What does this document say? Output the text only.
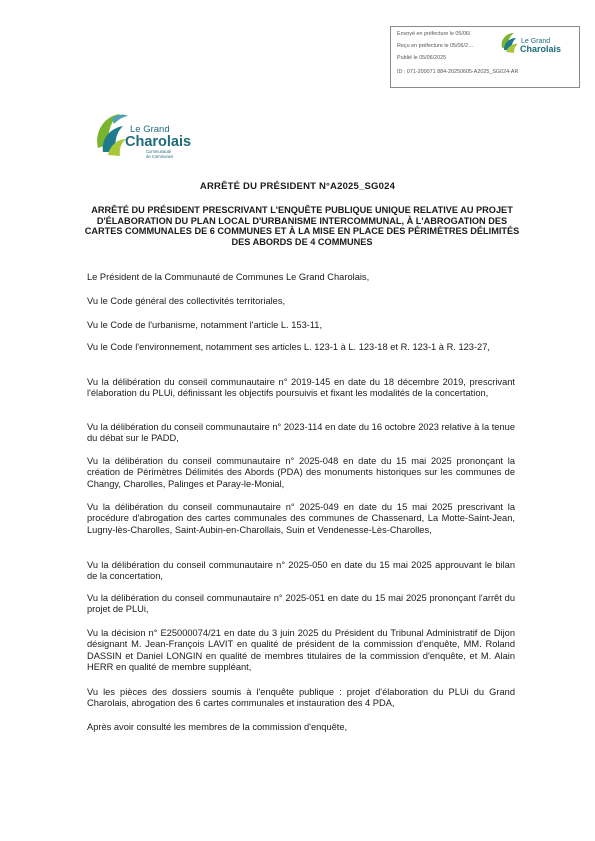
Envoyé en préfecture le 05/06/
Reçu en préfecture le 05/06/2…
Publié le 05/06/2025
ID : 071-200071 884-20250605-A2025_SG024-AR
Le Grand
Charolais
Le Grand
Charolais
Communauté
de Communes
ARRÊTÉ DU PRÉSIDENT N°A2025_SG024
ARRÊTÉ DU PRÉSIDENT PRESCRIVANT L'ENQUÊTE PUBLIQUE UNIQUE RELATIVE AU PROJET D'ÉLABORATION DU PLAN LOCAL D'URBANISME INTERCOMMUNAL, À L'ABROGATION DES CARTES COMMUNALES DE 6 COMMUNES ET À LA MISE EN PLACE DES PÉRIMÈTRES DÉLIMITÉS DES ABORDS DE 4 COMMUNES
Le Président de la Communauté de Communes Le Grand Charolais,
Vu le Code général des collectivités territoriales,
Vu le Code de l'urbanisme, notamment l'article L. 153-11,
Vu le Code l'environnement, notamment ses articles L. 123-1 à L. 123-18 et R. 123-1 à R. 123-27,
Vu la délibération du conseil communautaire n° 2019-145 en date du 18 décembre 2019, prescrivant l'élaboration du PLUi, définissant les objectifs poursuivis et fixant les modalités de la concertation,
Vu la délibération du conseil communautaire n° 2023-114 en date du 16 octobre 2023 relative à la tenue du débat sur le PADD,
Vu la délibération du conseil communautaire n° 2025-048 en date du 15 mai 2025 prononçant la création de Périmètres Délimités des Abords (PDA) des monuments historiques sur les communes de Changy, Charolles, Palinges et Paray-le-Monial,
Vu la délibération du conseil communautaire n° 2025-049 en date du 15 mai 2025 prescrivant la procédure d'abrogation des cartes communales des communes de Chassenard, La Motte-Saint-Jean, Lugny-lès-Charolles, Saint-Aubin-en-Charollais, Suin et Vendenesse-Lès-Charolles,
Vu la délibération du conseil communautaire n° 2025-050 en date du 15 mai 2025 approuvant le bilan de la concertation,
Vu la délibération du conseil communautaire n° 2025-051 en date du 15 mai 2025 prononçant l'arrêt du projet de PLUi,
Vu la décision n° E25000074/21 en date du 3 juin 2025 du Président du Tribunal Administratif de Dijon désignant M. Jean-François LAVIT en qualité de président de la commission d'enquête, MM. Roland DASSIN et Daniel LONGIN en qualité de membres titulaires de la commission d'enquête, et M. Alain HERR en qualité de membre suppléant,
Vu les pièces des dossiers soumis à l'enquête publique : projet d'élaboration du PLUi du Grand Charolais, abrogation des 6 cartes communales et instauration des 4 PDA,
Après avoir consulté les membres de la commission d'enquête,
